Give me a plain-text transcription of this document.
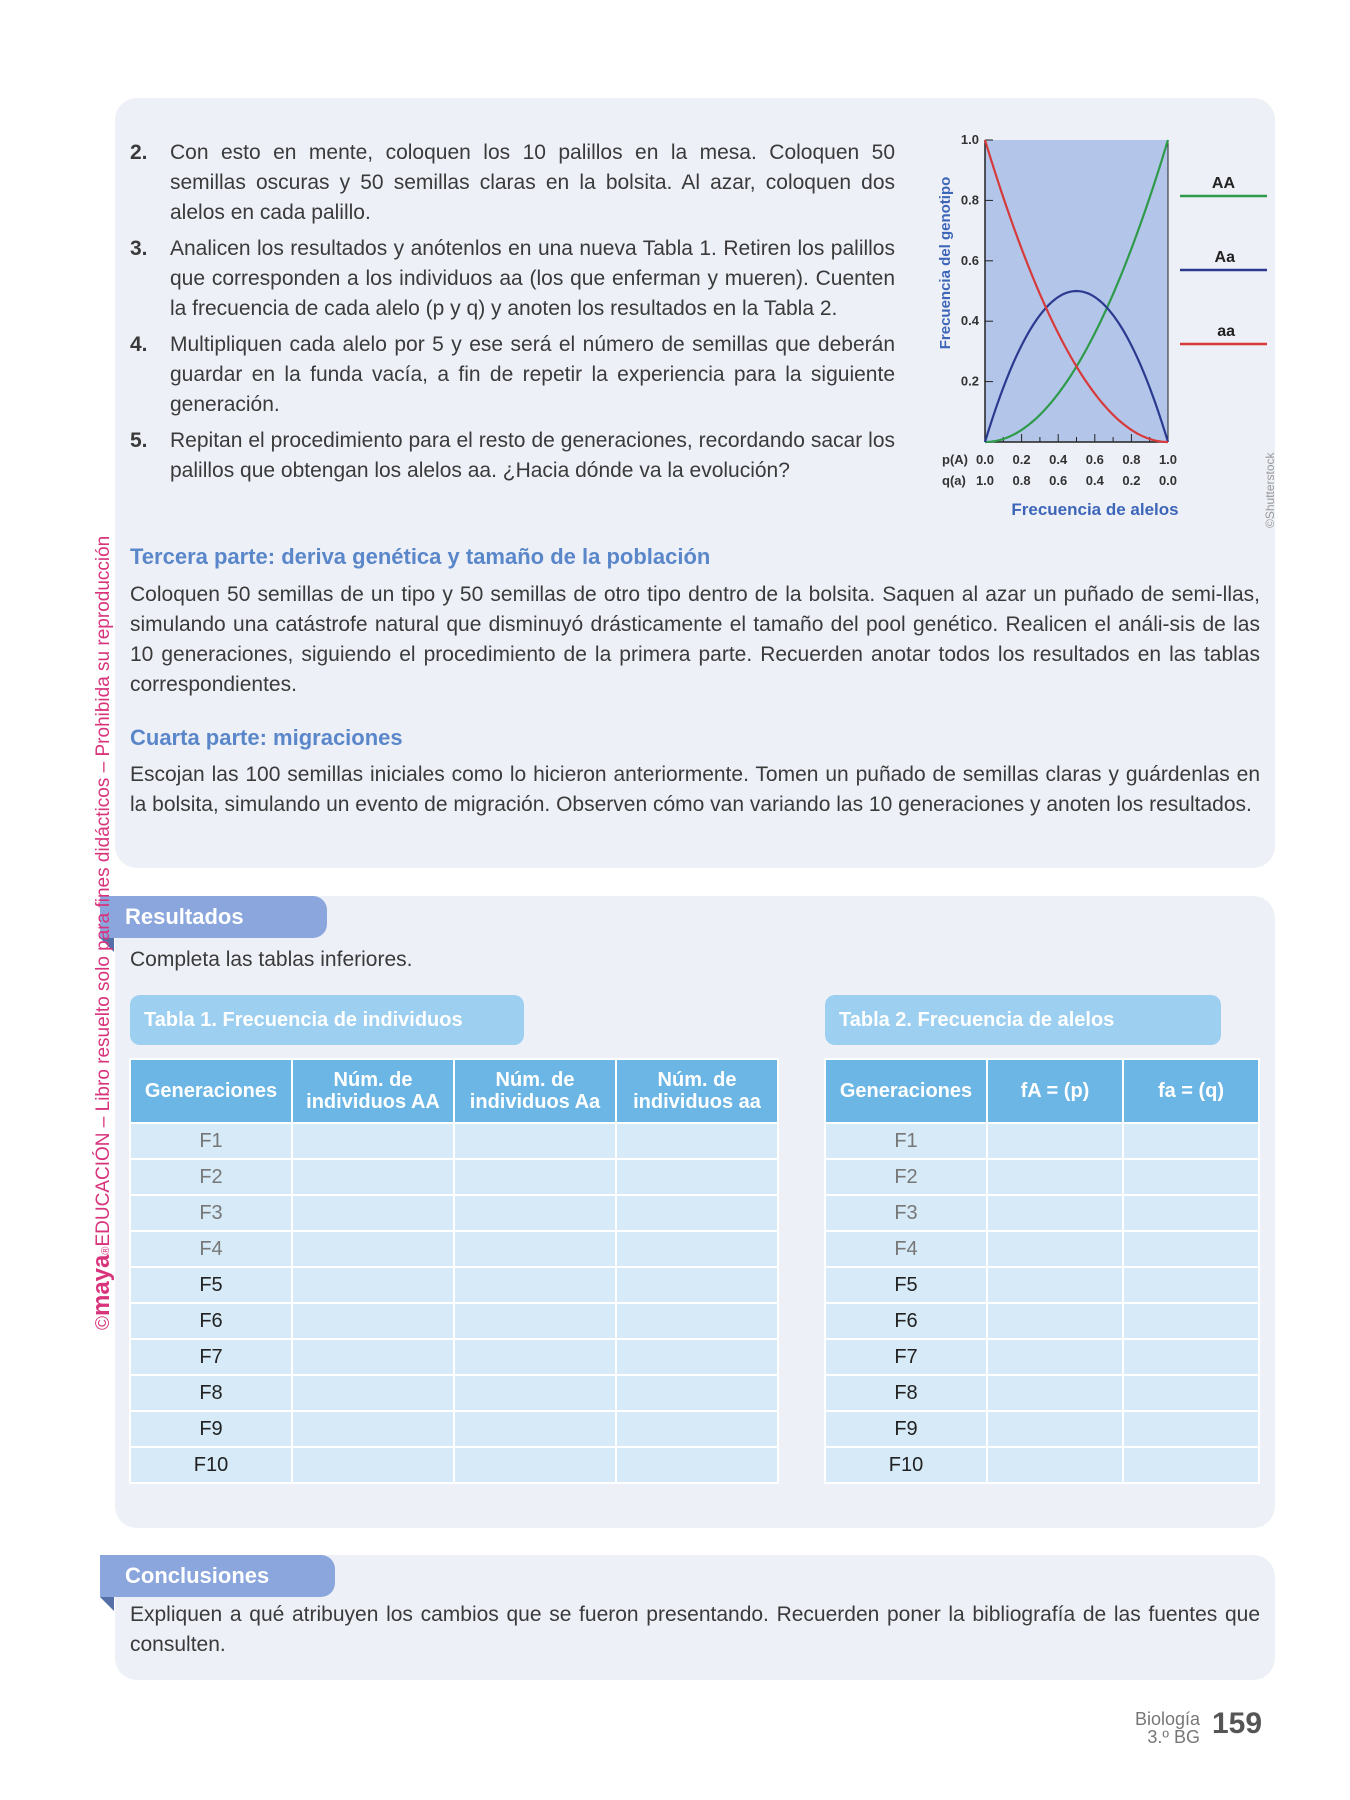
2. Con esto en mente, coloquen los 10 palillos en la mesa. Coloquen 50 semillas oscuras y 50 semillas claras en la bolsita. Al azar, coloquen dos alelos en cada palillo.
3. Analicen los resultados y anótenlos en una nueva Tabla 1. Retiren los palillos que corresponden a los individuos aa (los que enferman y mueren). Cuenten la frecuencia de cada alelo (p y q) y anoten los resultados en la Tabla 2.
4. Multipliquen cada alelo por 5 y ese será el número de semillas que deberán guardar en la funda vacía, a fin de repetir la experiencia para la siguiente generación.
5. Repitan el procedimiento para el resto de generaciones, recordando sacar los palillos que obtengan los alelos aa. ¿Hacia dónde va la evolución?
Frecuencia del genotipo
Frecuencia de alelos
p(A)
q(a)
0.2
0.4
0.6
0.8
1.0
0.0 0.2 0.4 0.6 0.8 1.0
1.0 0.8 0.6 0.4 0.2 0.0
AA
Aa
aa
©Shutterstock
Tercera parte: deriva genética y tamaño de la población

Coloquen 50 semillas de un tipo y 50 semillas de otro tipo dentro de la bolsita. Saquen al azar un puñado de semi-llas, simulando una catástrofe natural que disminuyó drásticamente el tamaño del pool genético. Realicen el análi-sis de las 10 generaciones, siguiendo el procedimiento de la primera parte. Recuerden anotar todos los resultados en las tablas correspondientes.

Cuarta parte: migraciones

Escojan las 100 semillas iniciales como lo hicieron anteriormente. Tomen un puñado de semillas claras y guárdenlas en la bolsita, simulando un evento de migración. Observen cómo van variando las 10 generaciones y anoten los resultados.

Resultados
Completa las tablas inferiores.
Tabla 1. Frecuencia de individuos	Tabla 2. Frecuencia de alelos
Generaciones	Núm. de individuos AA	Núm. de individuos Aa	Núm. de individuos aa
F1			
F2			
F3			
F4			
F5			
F6			
F7			
F8			
F9			
F10			
Generaciones	fA = (p)	fa = (q)
F1		
F2		
F3		
F4		
F5		
F6		
F7		
F8		
F9		
F10		
Conclusiones

Expliquen a qué atribuyen los cambios que se fueron presentando. Recuerden poner la bibliografía de las fuentes que consulten.

©maya®EDUCACIÓN – Libro resuelto solo para fines didácticos – Prohibida su reproducción
Biología
3.º BG 159
